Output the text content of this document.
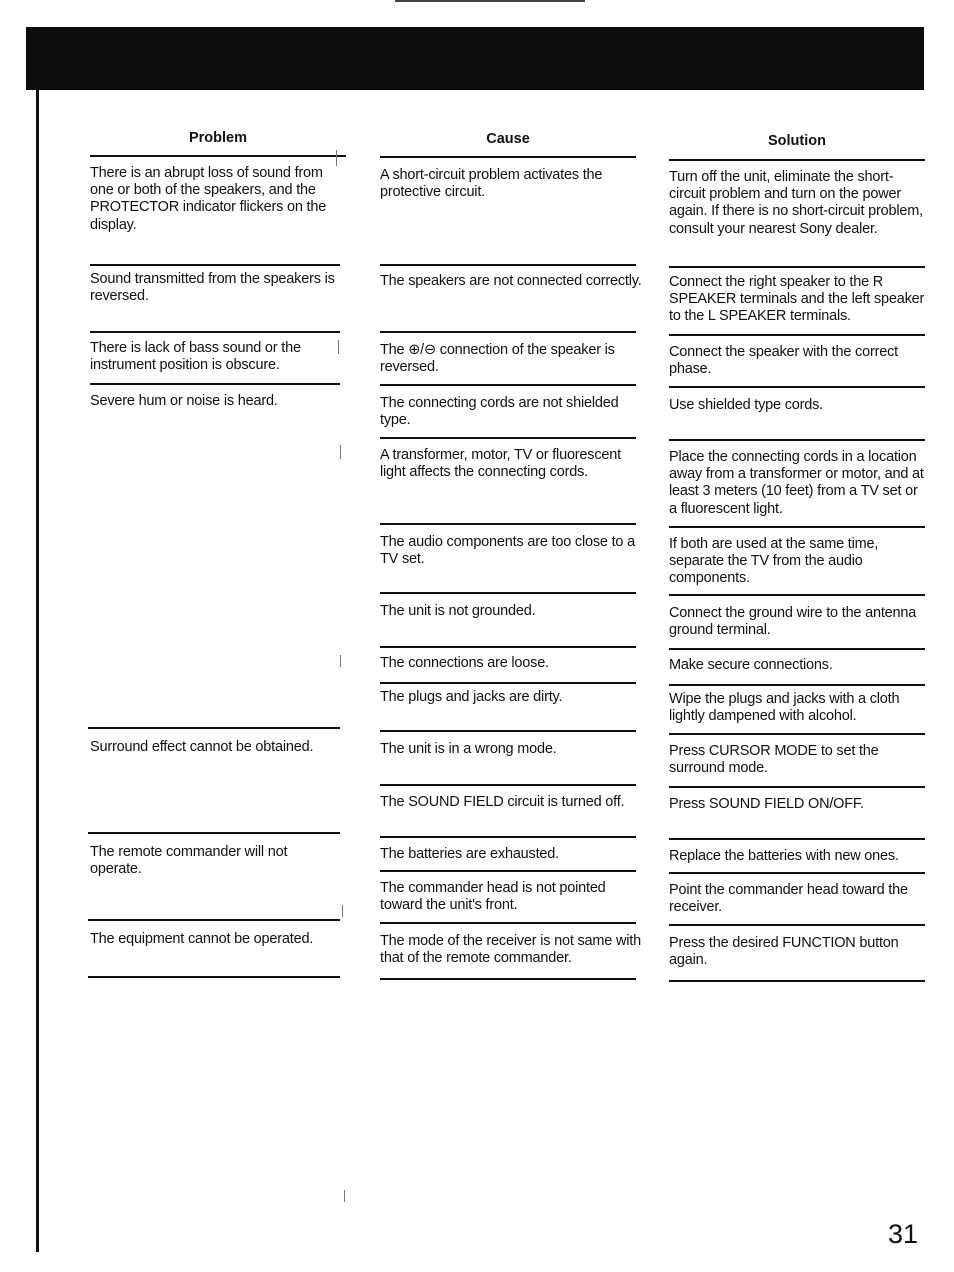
Problem	Cause	Solution
There is an abrupt loss of sound from one or both of the speakers, and the PROTECTOR indicator flickers on the display.
Sound transmitted from the speakers is reversed.
There is lack of bass sound or the instrument position is obscure.
Severe hum or noise is heard.
Surround effect cannot be obtained.
The remote commander will not operate.
The equipment cannot be operated.
A short-circuit problem activates the protective circuit.
The speakers are not connected correctly.
The ⊕/⊖ connection of the speaker is reversed.
The connecting cords are not shielded type.
A transformer, motor, TV or fluorescent light affects the connecting cords.
The audio components are too close to a TV set.
The unit is not grounded.
The connections are loose.
The plugs and jacks are dirty.
The unit is in a wrong mode.
The SOUND FIELD circuit is turned off.
The batteries are exhausted.
The commander head is not pointed toward the unit's front.
The mode of the receiver is not same with that of the remote commander.
Turn off the unit, eliminate the short-circuit problem and turn on the power again. If there is no short-circuit problem, consult your nearest Sony dealer.
Connect the right speaker to the R SPEAKER terminals and the left speaker to the L SPEAKER terminals.
Connect the speaker with the correct phase.
Use shielded type cords.
Place the connecting cords in a location away from a transformer or motor, and at least 3 meters (10 feet) from a TV set or a fluorescent light.
If both are used at the same time, separate the TV from the audio components.
Connect the ground wire to the antenna ground terminal.
Make secure connections.
Wipe the plugs and jacks with a cloth lightly dampened with alcohol.
Press CURSOR MODE to set the surround mode.
Press SOUND FIELD ON/OFF.
Replace the batteries with new ones.
Point the commander head toward the receiver.
Press the desired FUNCTION button again.
31
